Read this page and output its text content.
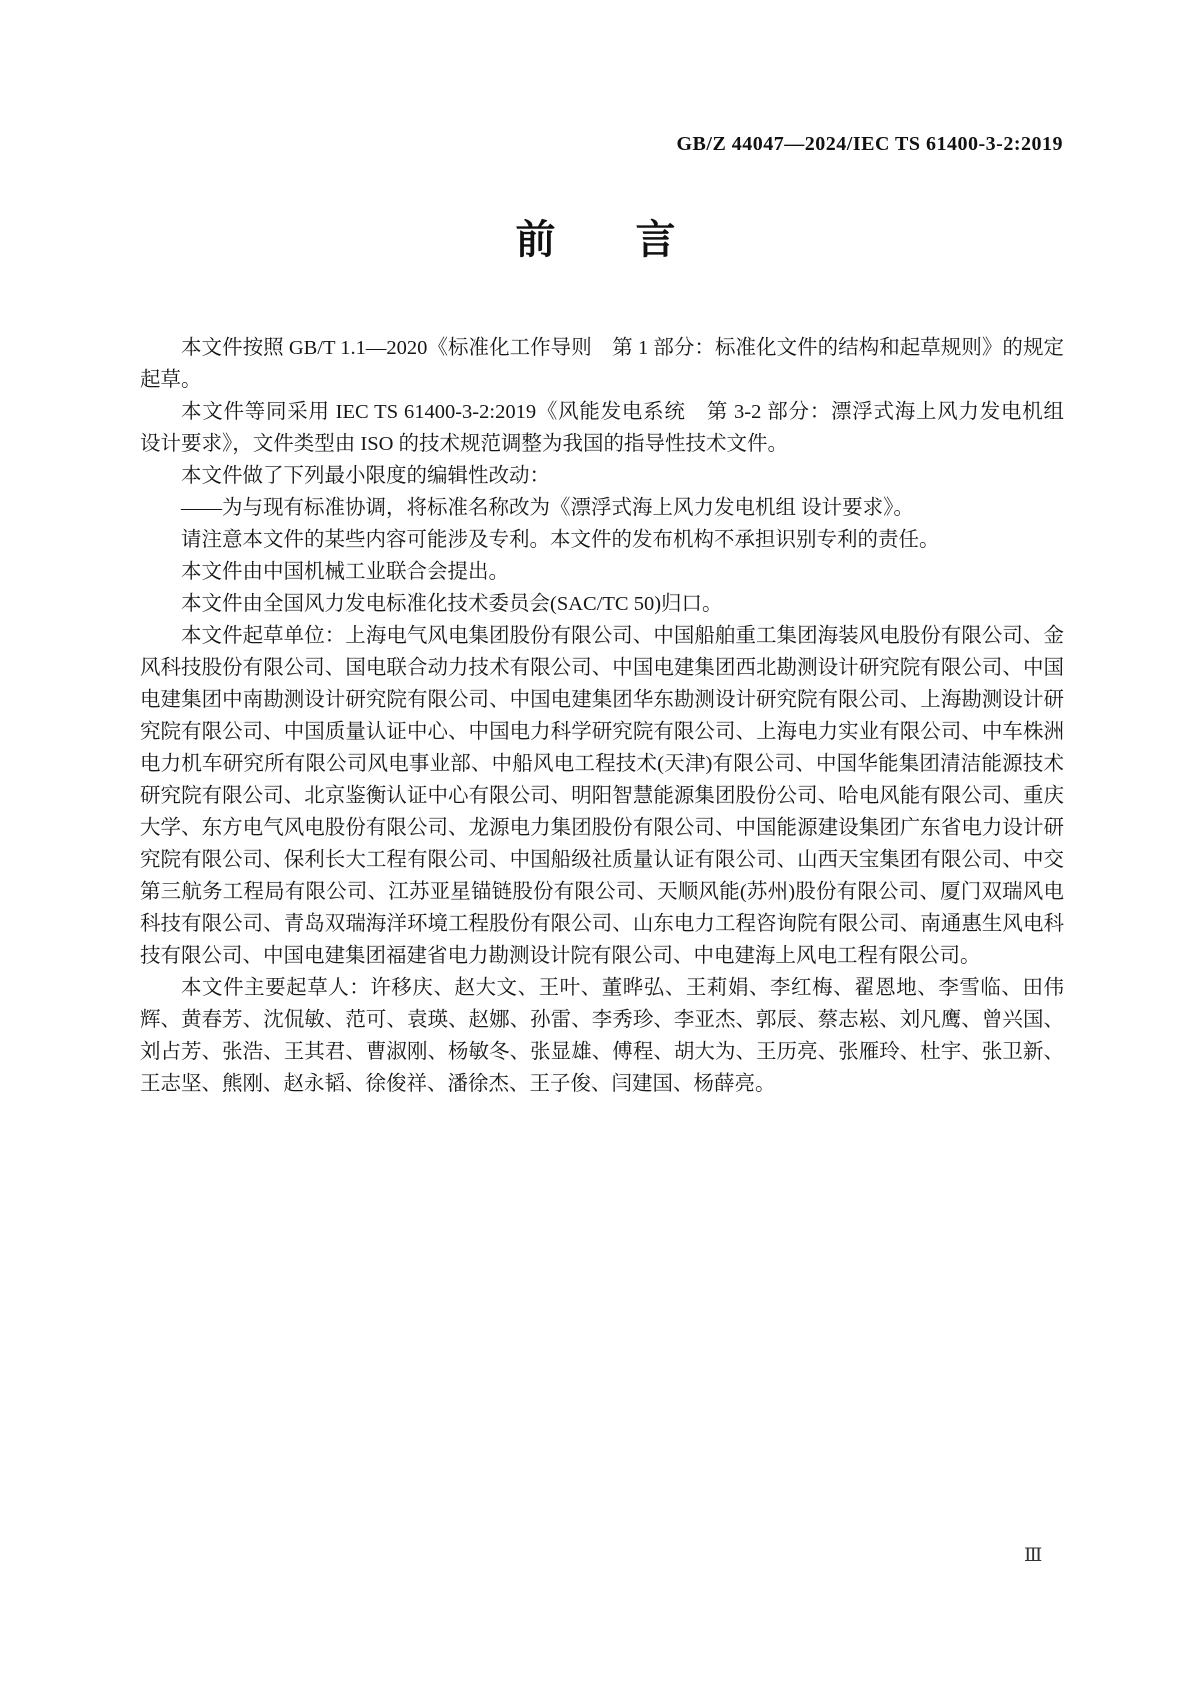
GB/Z 44047—2024/IEC TS 61400-3-2:2019
前　　言

本文件按照 GB/T 1.1—2020《标准化工作导则　第 1 部分：标准化文件的结构和起草规则》的规定起草。

本文件等同采用 IEC TS 61400-3-2:2019《风能发电系统　第 3-2 部分：漂浮式海上风力发电机组　设计要求》，文件类型由 ISO 的技术规范调整为我国的指导性技术文件。

本文件做了下列最小限度的编辑性改动：

——为与现有标准协调，将标准名称改为《漂浮式海上风力发电机组 设计要求》。

请注意本文件的某些内容可能涉及专利。本文件的发布机构不承担识别专利的责任。

本文件由中国机械工业联合会提出。

本文件由全国风力发电标准化技术委员会(SAC/TC 50)归口。

本文件起草单位：上海电气风电集团股份有限公司、中国船舶重工集团海装风电股份有限公司、金风科技股份有限公司、国电联合动力技术有限公司、中国电建集团西北勘测设计研究院有限公司、中国电建集团中南勘测设计研究院有限公司、中国电建集团华东勘测设计研究院有限公司、上海勘测设计研究院有限公司、中国质量认证中心、中国电力科学研究院有限公司、上海电力实业有限公司、中车株洲电力机车研究所有限公司风电事业部、中船风电工程技术(天津)有限公司、中国华能集团清洁能源技术研究院有限公司、北京鉴衡认证中心有限公司、明阳智慧能源集团股份公司、哈电风能有限公司、重庆大学、东方电气风电股份有限公司、龙源电力集团股份有限公司、中国能源建设集团广东省电力设计研究院有限公司、保利长大工程有限公司、中国船级社质量认证有限公司、山西天宝集团有限公司、中交第三航务工程局有限公司、江苏亚星锚链股份有限公司、天顺风能(苏州)股份有限公司、厦门双瑞风电科技有限公司、青岛双瑞海洋环境工程股份有限公司、山东电力工程咨询院有限公司、南通惠生风电科技有限公司、中国电建集团福建省电力勘测设计院有限公司、中电建海上风电工程有限公司。

本文件主要起草人：许移庆、赵大文、王叶、董晔弘、王莉娟、李红梅、翟恩地、李雪临、田伟辉、黄春芳、沈侃敏、范可、袁瑛、赵娜、孙雷、李秀珍、李亚杰、郭辰、蔡志崧、刘凡鹰、曾兴国、刘占芳、张浩、王其君、曹淑刚、杨敏冬、张显雄、傅程、胡大为、王历亮、张雁玲、杜宇、张卫新、王志坚、熊刚、赵永韬、徐俊祥、潘徐杰、王子俊、闫建国、杨薛亮。

Ⅲ
